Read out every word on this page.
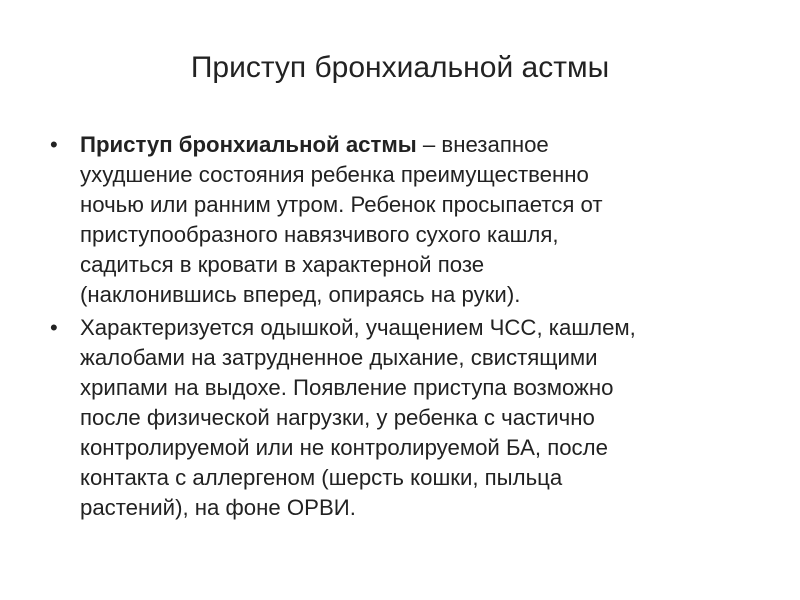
Приступ бронхиальной астмы
•	Приступ бронхиальной астмы – внезапное
ухудшение состояния ребенка преимущественно
ночью или ранним утром. Ребенок просыпается от
приступообразного навязчивого сухого кашля,
садиться в кровати в характерной позе
(наклонившись вперед, опираясь на руки).
•	Характеризуется одышкой, учащением ЧСС, кашлем,
жалобами на затрудненное дыхание, свистящими
хрипами на выдохе. Появление приступа возможно
после физической нагрузки, у ребенка с частично
контролируемой или не контролируемой БА, после
контакта с аллергеном (шерсть кошки, пыльца
растений), на фоне ОРВИ.
